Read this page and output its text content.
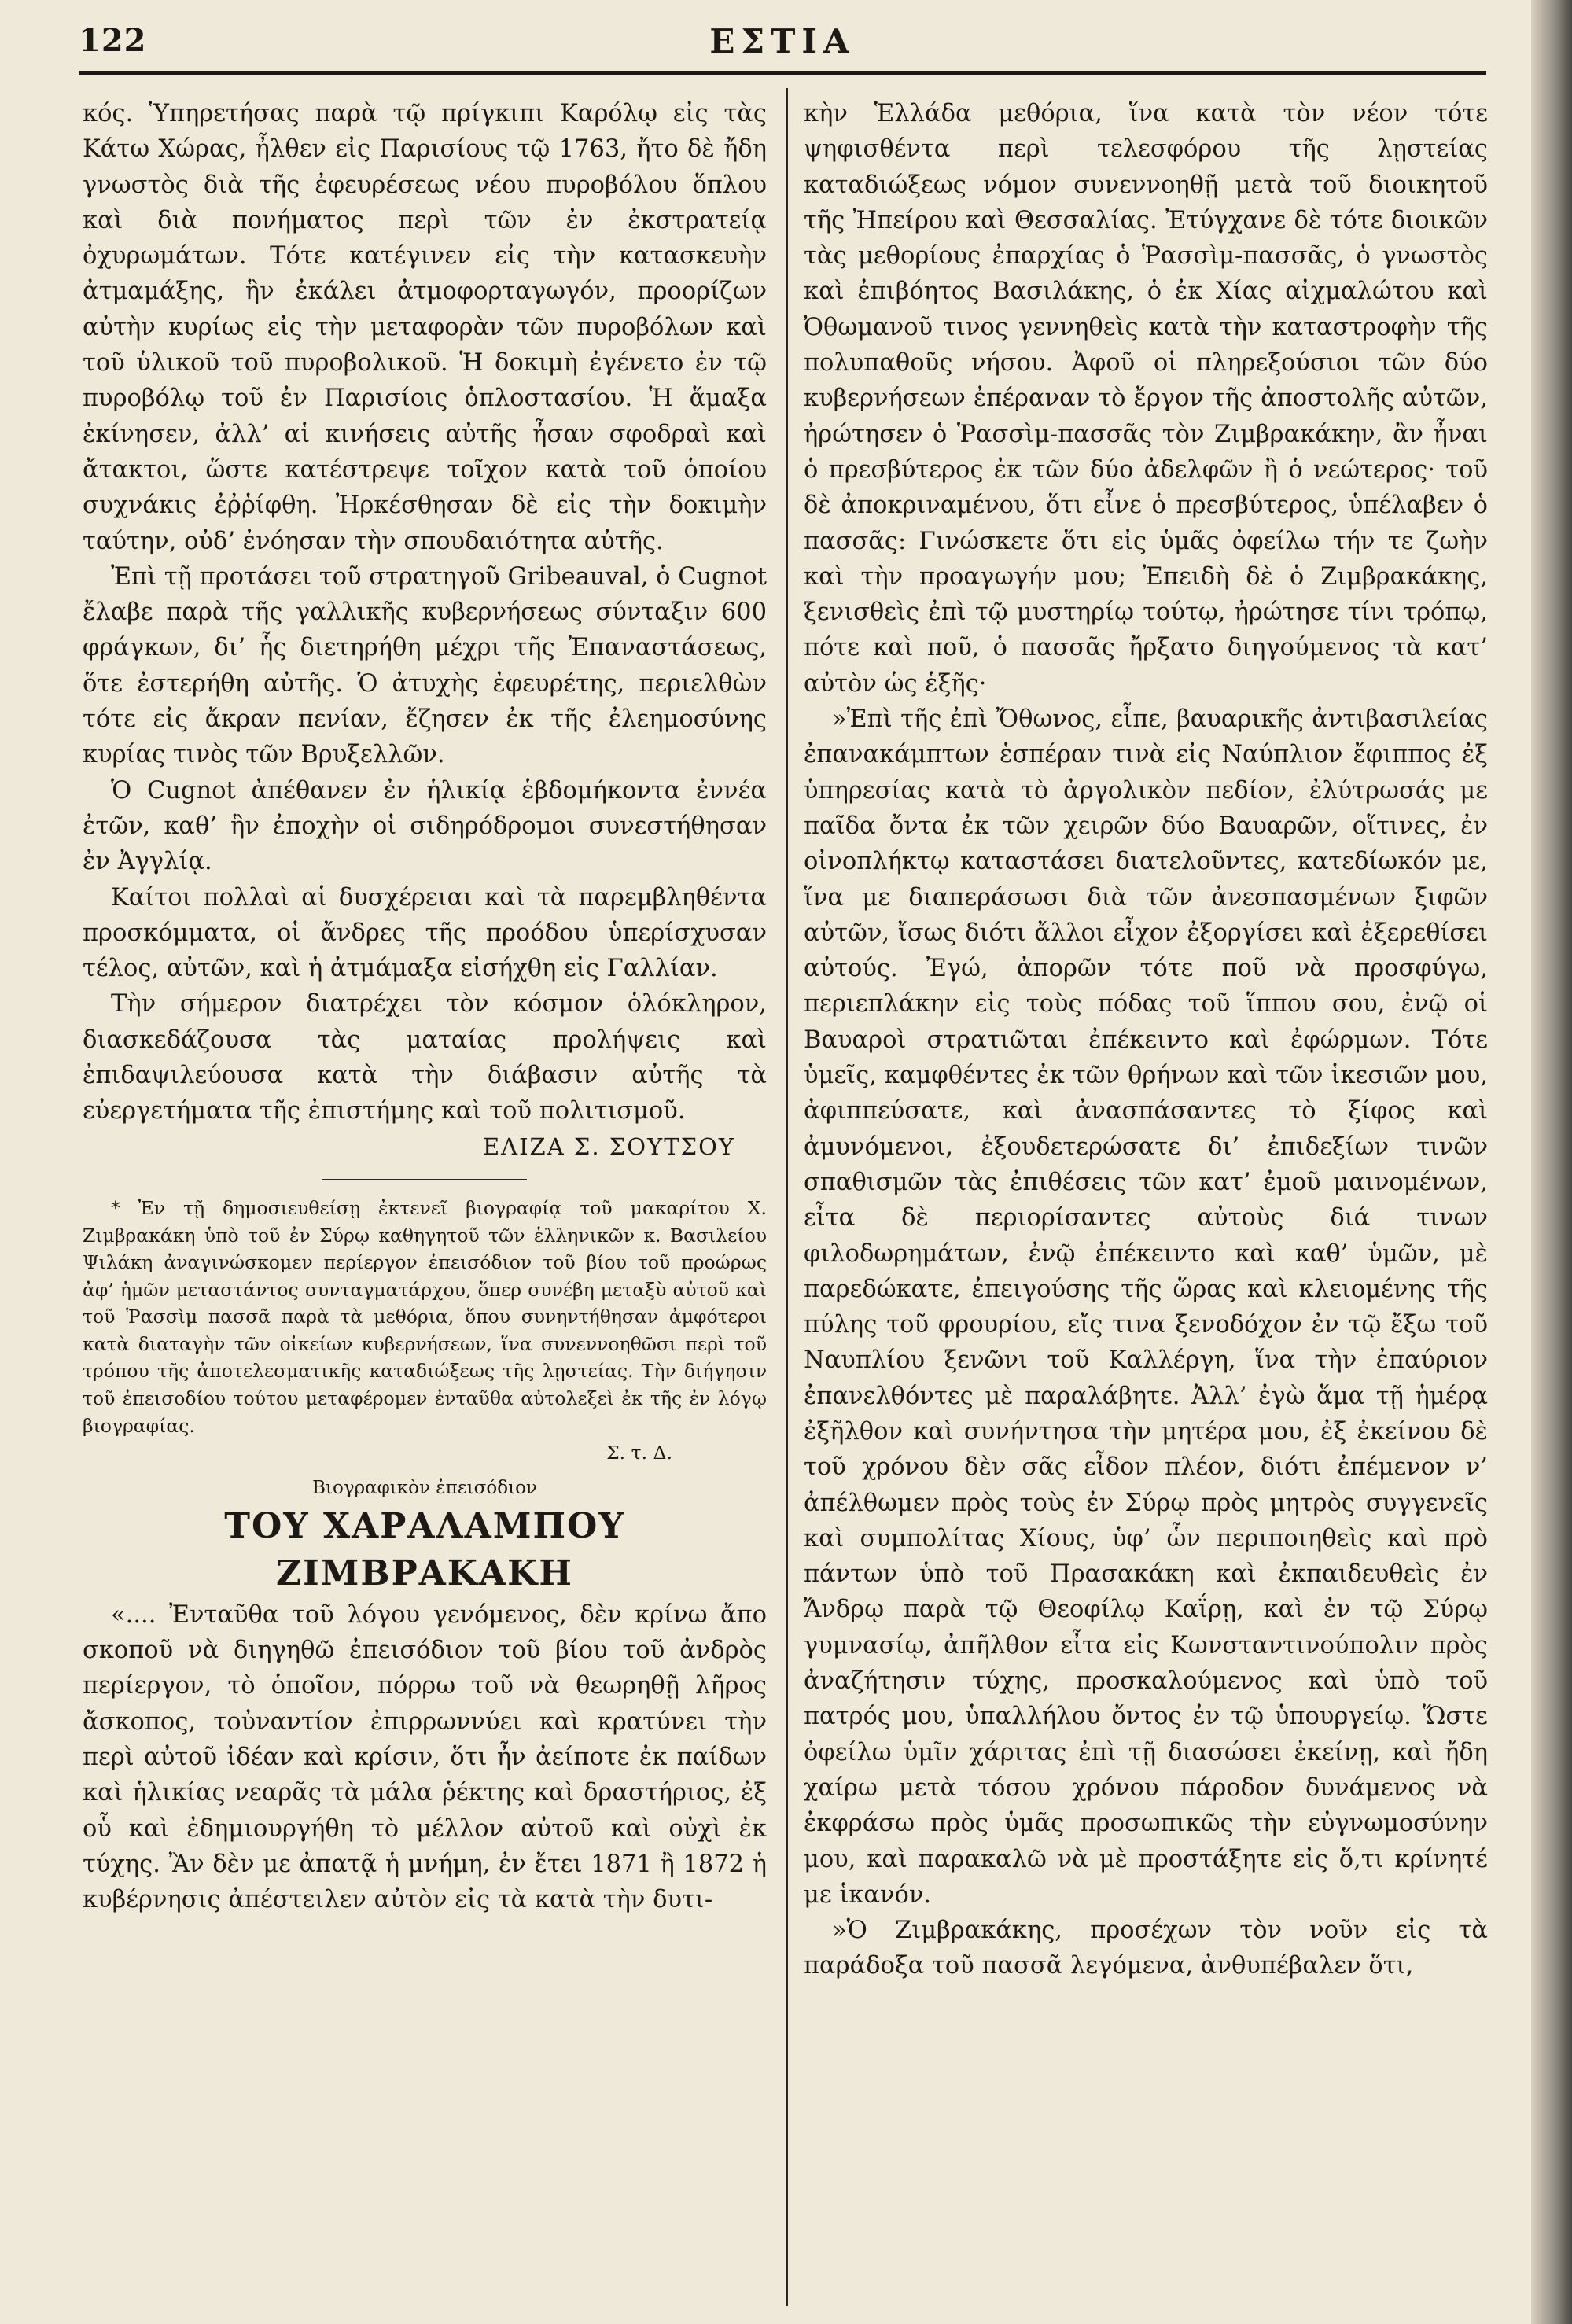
122	ΕΣΤΙΑ

κός. Ὑπηρετήσας παρὰ τῷ πρίγκιπι Καρόλῳ εἰς τὰς Κάτω Χώρας, ἦλθεν εἰς Παρισίους τῷ 1763, ἤτο δὲ ἤδη γνωστὸς διὰ τῆς ἐφευρέσεως νέου πυροβόλου ὅπλου καὶ διὰ πονήματος περὶ τῶν ἐν ἐκστρατείᾳ ὀχυρωμάτων. Τότε κατέγινεν εἰς τὴν κατασκευὴν ἀτμαμάξης, ἣν ἐκάλει ἀτμοφορταγωγόν, προορίζων αὐτὴν κυρίως εἰς τὴν μεταφορὰν τῶν πυροβόλων καὶ τοῦ ὑλικοῦ τοῦ πυροβολικοῦ. Ἡ δοκιμὴ ἐγένετο ἐν τῷ πυροβόλῳ τοῦ ἐν Παρισίοις ὁπλοστασίου. Ἡ ἅμαξα ἐκίνησεν, ἀλλ’ αἱ κινήσεις αὐτῆς ἦσαν σφοδραὶ καὶ ἄτακτοι, ὥστε κατέστρεψε τοῖχον κατὰ τοῦ ὁποίου συχνάκις ἐῤῥίφθη. Ἠρκέσθησαν δὲ εἰς τὴν δοκιμὴν ταύτην, οὐδ’ ἐνόησαν τὴν σπουδαιότητα αὐτῆς.

Ἐπὶ τῇ προτάσει τοῦ στρατηγοῦ Gribeauval, ὁ Cugnot ἔλαβε παρὰ τῆς γαλλικῆς κυβερνήσεως σύνταξιν 600 φράγκων, δι’ ἧς διετηρήθη μέχρι τῆς Ἐπαναστάσεως, ὅτε ἐστερήθη αὐτῆς. Ὁ ἀτυχὴς ἐφευρέτης, περιελθὼν τότε εἰς ἄκραν πενίαν, ἔζησεν ἐκ τῆς ἐλεημοσύνης κυρίας τινὸς τῶν Βρυξελλῶν.

Ὁ Cugnot ἀπέθανεν ἐν ἡλικίᾳ ἑβδομήκοντα ἐννέα ἐτῶν, καθ’ ἣν ἐποχὴν οἱ σιδηρόδρομοι συνεστήθησαν ἐν Ἀγγλίᾳ.

Καίτοι πολλαὶ αἱ δυσχέρειαι καὶ τὰ παρεμβληθέντα προσκόμματα, οἱ ἄνδρες τῆς προόδου ὑπερίσχυσαν τέλος, αὐτῶν, καὶ ἡ ἀτμάμαξα εἰσήχθη εἰς Γαλλίαν.

Τὴν σήμερον διατρέχει τὸν κόσμον ὁλόκληρον, διασκεδάζουσα τὰς ματαίας προλήψεις καὶ ἐπιδαψιλεύουσα κατὰ τὴν διάβασιν αὐτῆς τὰ εὐεργετήματα τῆς ἐπιστήμης καὶ τοῦ πολιτισμοῦ.

ΕΛΙΖΑ Σ. ΣΟΥΤΣΟΥ

* Ἐν τῇ δημοσιευθείσῃ ἐκτενεῖ βιογραφίᾳ τοῦ μακαρίτου Χ. Ζιμβρακάκη ὑπὸ τοῦ ἐν Σύρῳ καθηγητοῦ τῶν ἑλληνικῶν κ. Βασιλείου Ψιλάκη ἀναγινώσκομεν περίεργον ἐπεισόδιον τοῦ βίου τοῦ προώρως ἀφ’ ἡμῶν μεταστάντος συνταγματάρχου, ὅπερ συνέβη μεταξὺ αὐτοῦ καὶ τοῦ Ῥασσὶμ πασσᾶ παρὰ τὰ μεθόρια, ὅπου συνηντήθησαν ἀμφότεροι κατὰ διαταγὴν τῶν οἰκείων κυβερνήσεων, ἵνα συνεννοηθῶσι περὶ τοῦ τρόπου τῆς ἀποτελεσματικῆς καταδιώξεως τῆς λῃστείας. Τὴν διήγησιν τοῦ ἐπεισοδίου τούτου μεταφέρομεν ἐνταῦθα αὐτολεξεὶ ἐκ τῆς ἐν λόγῳ βιογραφίας.

Σ. τ. Δ.

Βιογραφικὸν ἐπεισόδιον

ΤΟΥ ΧΑΡΑΛΑΜΠΟΥ ΖΙΜΒΡΑΚΑΚΗ

«.... Ἐνταῦθα τοῦ λόγου γενόμενος, δὲν κρίνω ἄπο σκοποῦ νὰ διηγηθῶ ἐπεισόδιον τοῦ βίου τοῦ ἀνδρὸς περίεργον, τὸ ὁποῖον, πόρρω τοῦ νὰ θεωρηθῇ λῆρος ἄσκοπος, τοὐναντίον ἐπιρρωννύει καὶ κρατύνει τὴν περὶ αὐτοῦ ἰδέαν καὶ κρίσιν, ὅτι ἦν ἀείποτε ἐκ παίδων καὶ ἡλικίας νεαρᾶς τὰ μάλα ῥέκτης καὶ δραστήριος, ἐξ οὗ καὶ ἐδημιουργήθη τὸ μέλλον αὐτοῦ καὶ οὐχὶ ἐκ τύχης. Ἂν δὲν με ἀπατᾷ ἡ μνήμη, ἐν ἔτει 1871 ἢ 1872 ἡ κυβέρνησις ἀπέστειλεν αὐτὸν εἰς τὰ κατὰ τὴν δυτι-

κὴν Ἑλλάδα μεθόρια, ἵνα κατὰ τὸν νέον τότε ψηφισθέντα περὶ τελεσφόρου τῆς λῃστείας καταδιώξεως νόμον συνεννοηθῇ μετὰ τοῦ διοικητοῦ τῆς Ἠπείρου καὶ Θεσσαλίας. Ἐτύγχανε δὲ τότε διοικῶν τὰς μεθορίους ἐπαρχίας ὁ Ῥασσὶμ-πασσᾶς, ὁ γνωστὸς καὶ ἐπιβόητος Βασιλάκης, ὁ ἐκ Χίας αἰχμαλώτου καὶ Ὀθωμανοῦ τινος γεννηθεὶς κατὰ τὴν καταστροφὴν τῆς πολυπαθοῦς νήσου. Ἀφοῦ οἱ πληρεξούσιοι τῶν δύο κυβερνήσεων ἐπέραναν τὸ ἔργον τῆς ἀποστολῆς αὐτῶν, ἠρώτησεν ὁ Ῥασσὶμ-πασσᾶς τὸν Ζιμβρακάκην, ἂν ἦναι ὁ πρεσβύτερος ἐκ τῶν δύο ἀδελφῶν ἢ ὁ νεώτερος· τοῦ δὲ ἀποκριναμένου, ὅτι εἶνε ὁ πρεσβύτερος, ὑπέλαβεν ὁ πασσᾶς: Γινώσκετε ὅτι εἰς ὑμᾶς ὀφείλω τήν τε ζωὴν καὶ τὴν προαγωγήν μου; Ἐπειδὴ δὲ ὁ Ζιμβρακάκης, ξενισθεὶς ἐπὶ τῷ μυστηρίῳ τούτῳ, ἠρώτησε τίνι τρόπῳ, πότε καὶ ποῦ, ὁ πασσᾶς ἤρξατο διηγούμενος τὰ κατ’ αὐτὸν ὡς ἑξῆς·

»Ἐπὶ τῆς ἐπὶ Ὄθωνος, εἶπε, βαυαρικῆς ἀντιβασιλείας ἐπανακάμπτων ἑσπέραν τινὰ εἰς Ναύπλιον ἔφιππος ἐξ ὑπηρεσίας κατὰ τὸ ἀργολικὸν πεδίον, ἐλύτρωσάς με παῖδα ὄντα ἐκ τῶν χειρῶν δύο Βαυαρῶν, οἵτινες, ἐν οἰνοπλήκτῳ καταστάσει διατελοῦντες, κατεδίωκόν με, ἵνα με διαπεράσωσι διὰ τῶν ἀνεσπασμένων ξιφῶν αὐτῶν, ἴσως διότι ἄλλοι εἶχον ἐξοργίσει καὶ ἐξερεθίσει αὐτούς. Ἐγώ, ἀπορῶν τότε ποῦ νὰ προσφύγω, περιεπλάκην εἰς τοὺς πόδας τοῦ ἵππου σου, ἐνῷ οἱ Βαυαροὶ στρατιῶται ἐπέκειντο καὶ ἐφώρμων. Τότε ὑμεῖς, καμφθέντες ἐκ τῶν θρήνων καὶ τῶν ἱκεσιῶν μου, ἀφιππεύσατε, καὶ ἀνασπάσαντες τὸ ξίφος καὶ ἀμυνόμενοι, ἐξουδετερώσατε δι’ ἐπιδεξίων τινῶν σπαθισμῶν τὰς ἐπιθέσεις τῶν κατ’ ἐμοῦ μαινομένων, εἶτα δὲ περιορίσαντες αὐτοὺς διά τινων φιλοδωρημάτων, ἐνῷ ἐπέκειντο καὶ καθ’ ὑμῶν, μὲ παρεδώκατε, ἐπειγούσης τῆς ὥρας καὶ κλειομένης τῆς πύλης τοῦ φρουρίου, εἴς τινα ξενοδόχον ἐν τῷ ἔξω τοῦ Ναυπλίου ξενῶνι τοῦ Καλλέργη, ἵνα τὴν ἐπαύριον ἐπανελθόντες μὲ παραλάβητε. Ἀλλ’ ἐγὼ ἅμα τῇ ἡμέρᾳ ἐξῆλθον καὶ συνήντησα τὴν μητέρα μου, ἐξ ἐκείνου δὲ τοῦ χρόνου δὲν σᾶς εἶδον πλέον, διότι ἐπέμενον ν’ ἀπέλθωμεν πρὸς τοὺς ἐν Σύρῳ πρὸς μητρὸς συγγενεῖς καὶ συμπολίτας Χίους, ὑφ’ ὧν περιποιηθεὶς καὶ πρὸ πάντων ὑπὸ τοῦ Πρασακάκη καὶ ἐκπαιδευθεὶς ἐν Ἄνδρῳ παρὰ τῷ Θεοφίλῳ Καΐρῃ, καὶ ἐν τῷ Σύρῳ γυμνασίῳ, ἀπῆλθον εἶτα εἰς Κωνσταντινούπολιν πρὸς ἀναζήτησιν τύχης, προσκαλούμενος καὶ ὑπὸ τοῦ πατρός μου, ὑπαλλήλου ὄντος ἐν τῷ ὑπουργείῳ. Ὥστε ὀφείλω ὑμῖν χάριτας ἐπὶ τῇ διασώσει ἐκείνῃ, καὶ ἤδη χαίρω μετὰ τόσου χρόνου πάροδον δυνάμενος νὰ ἐκφράσω πρὸς ὑμᾶς προσωπικῶς τὴν εὐγνωμοσύνην μου, καὶ παρακαλῶ νὰ μὲ προστάξητε εἰς ὅ,τι κρίνητέ με ἱκανόν.

»Ὁ Ζιμβρακάκης, προσέχων τὸν νοῦν εἰς τὰ παράδοξα τοῦ πασσᾶ λεγόμενα, ἀνθυπέβαλεν ὅτι,
